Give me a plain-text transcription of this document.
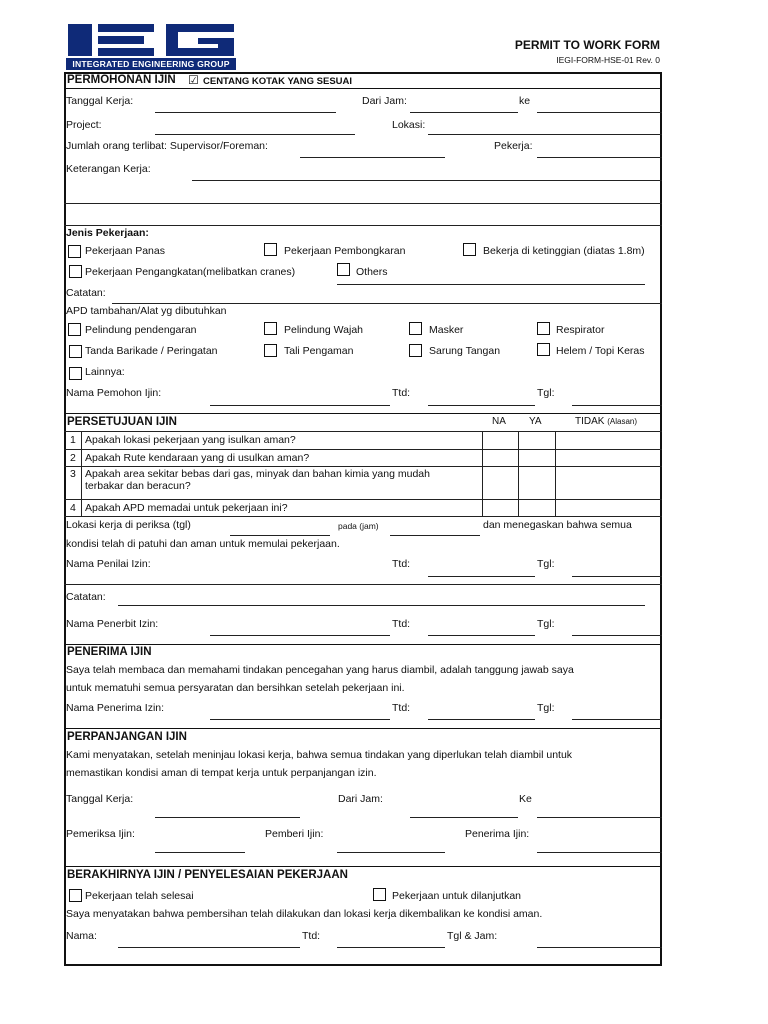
INTEGRATED ENGINEERING GROUP
PERMIT TO WORK FORM
IEGI-FORM-HSE-01 Rev. 0
PERMOHONAN IJIN ☑ CENTANG KOTAK YANG SESUAI
Tanggal Kerja:	Dari Jam:	ke
Project:	Lokasi:
Jumlah orang terlibat: Supervisor/Foreman:	Pekerja:
Keterangan Kerja:
Jenis Pekerjaan:
Pekerjaan Panas	Pekerjaan Pembongkaran	Bekerja di ketinggian (diatas 1.8m)
Pekerjaan Pengangkatan(melibatkan cranes)	Others
Catatan:
APD tambahan/Alat yg dibutuhkan
Pelindung pendengaran	Pelindung Wajah	Masker	Respirator
Tanda Barikade / Peringatan	Tali Pengaman	Sarung Tangan	Helem / Topi Keras
Lainnya:
Nama Pemohon Ijin:	Ttd:	Tgl:
PERSETUJUAN IJIN	NA YA	TIDAK (Alasan)
1 Apakah lokasi pekerjaan yang isulkan aman?
2 Apakah Rute kendaraan yang di usulkan aman?
3 Apakah area sekitar bebas dari gas, minyak dan bahan kimia yang mudah
terbakar dan beracun?
4 Apakah APD memadai untuk pekerjaan ini?
Lokasi kerja di periksa (tgl)	pada (jam)	dan menegaskan bahwa semua
kondisi telah di patuhi dan aman untuk memulai pekerjaan.
Nama Penilai Izin:	Ttd:	Tgl:
Catatan:
Nama Penerbit Izin:	Ttd:	Tgl:
PENERIMA IJIN
Saya telah membaca dan memahami tindakan pencegahan yang harus diambil, adalah tanggung jawab saya
untuk mematuhi semua persyaratan dan bersihkan setelah pekerjaan ini.
Nama Penerima Izin:	Ttd:	Tgl:
PERPANJANGAN IJIN
Kami menyatakan, setelah meninjau lokasi kerja, bahwa semua tindakan yang diperlukan telah diambil untuk
memastikan kondisi aman di tempat kerja untuk perpanjangan izin.
Tanggal Kerja:	Dari Jam:	Ke
Pemeriksa Ijin:	Pemberi Ijin:	Penerima Ijin:
BERAKHIRNYA IJIN / PENYELESAIAN PEKERJAAN
Pekerjaan telah selesai	Pekerjaan untuk dilanjutkan
Saya menyatakan bahwa pembersihan telah dilakukan dan lokasi kerja dikembalikan ke kondisi aman.
Nama:	Ttd:	Tgl & Jam:
